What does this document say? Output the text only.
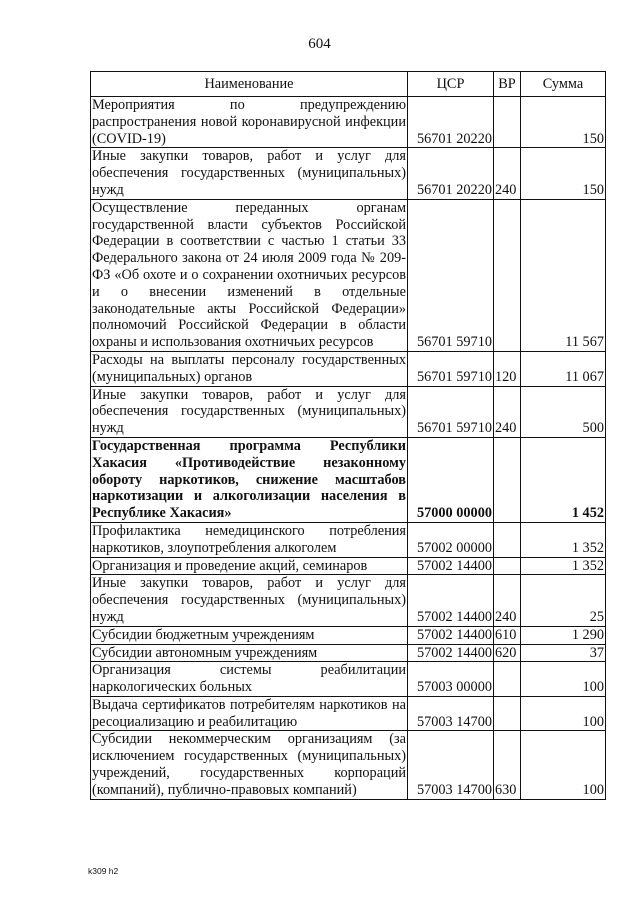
604
Наименование	ЦСР	ВР	Сумма
Мероприятия по предупреждению распространения новой коронавирусной инфекции (COVID-19)	56701 20220		150
Иные закупки товаров, работ и услуг для обеспечения государственных (муниципальных) нужд	56701 20220	240	150
Осуществление переданных органам государственной власти субъектов Российской Федерации в соответствии с частью 1 статьи 33 Федерального закона от 24 июля 2009 года № 209-ФЗ «Об охоте и о сохранении охотничьих ресурсов и о внесении изменений в отдельные законодательные акты Российской Федерации» полномочий Российской Федерации в области охраны и использования охотничьих ресурсов	56701 59710		11 567
Расходы на выплаты персоналу государственных (муниципальных) органов	56701 59710	120	11 067
Иные закупки товаров, работ и услуг для обеспечения государственных (муниципальных) нужд	56701 59710	240	500
Государственная программа Республики Хакасия «Противодействие незаконному обороту наркотиков, снижение масштабов наркотизации и алкоголизации населения в Республике Хакасия»	57000 00000		1 452
Профилактика немедицинского потребления наркотиков, злоупотребления алкоголем	57002 00000		1 352
Организация и проведение акций, семинаров	57002 14400		1 352
Иные закупки товаров, работ и услуг для обеспечения государственных (муниципальных) нужд	57002 14400	240	25
Субсидии бюджетным учреждениям	57002 14400	610	1 290
Субсидии автономным учреждениям	57002 14400	620	37
Организация системы реабилитации наркологических больных	57003 00000		100
Выдача сертификатов потребителям наркотиков на ресоциализацию и реабилитацию	57003 14700		100
Субсидии некоммерческим организациям (за исключением государственных (муниципальных) учреждений, государственных корпораций (компаний), публично-правовых компаний)	57003 14700	630	100
k309 h2
